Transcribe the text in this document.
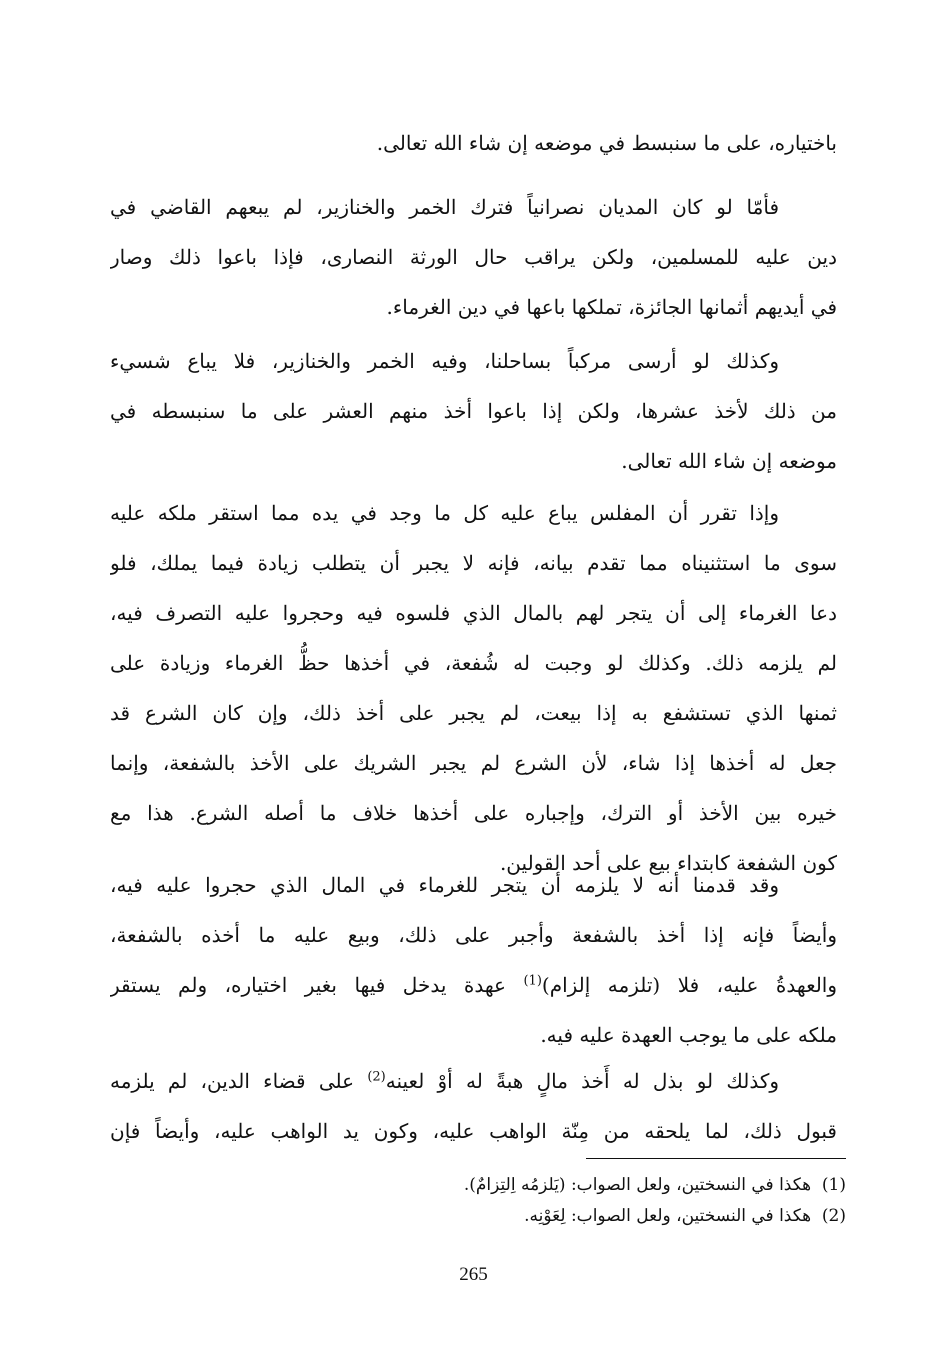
باختياره، على ما سنبسط في موضعه إن شاء الله تعالى.
فأمّا لو كان المديان نصرانياً فترك الخمر والخنازير، لم يبعهم القاضي في
دين عليه للمسلمين، ولكن يراقب حال الورثة النصارى، فإذا باعوا ذلك وصار
في أيديهم أثمانها الجائزة، تملكها باعها في دين الغرماء.
وكذلك لو أرسى مركباً بساحلنا، وفيه الخمر والخنازير، فلا يباع شسيء
من ذلك لأخذ عشرها، ولكن إذا باعوا أخذ منهم العشر على ما سنبسطه في
موضعه إن شاء الله تعالى.
وإذا تقرر أن المفلس يباع عليه كل ما وجد في يده مما استقر ملكه عليه
سوى ما استثنيناه مما تقدم بيانه، فإنه لا يجبر أن يتطلب زيادة فيما يملك، فلو
دعا الغرماء إلى أن يتجر لهم بالمال الذي فلسوه فيه وحجروا عليه التصرف فيه،
لم يلزمه ذلك. وكذلك لو وجبت له شُفعة، في أخذها حظُّ الغرماء وزيادة على
ثمنها الذي تستشفع به إذا بيعت، لم يجبر على أخذ ذلك، وإن كان الشرع قد
جعل له أخذها إذا شاء، لأن الشرع لم يجبر الشريك على الأخذ بالشفعة، وإنما
خيره بين الأخذ أو الترك، وإجباره على أخذها خلاف ما أصله الشرع. هذا مع
كون الشفعة كابتداء بيع على أحد القولين.
وقد قدمنا أنه لا يلزمه أن يتجر للغرماء في المال الذي حجروا عليه فيه،
وأيضاً فإنه إذا أخذ بالشفعة وأجبر على ذلك، وبيع عليه ما أخذه بالشفعة،
والعهدةُ عليه، فلا (تلزمه إلزام)$^{(1)}$ عهدة يدخل فيها بغير اختياره، ولم يستقر
ملكه على ما يوجب العهدة عليه فيه.
وكذلك لو بذل له أَخذ مالٍ هبةً له أوْ لعينه$^{(2)}$ على قضاء الدين، لم يلزمه
قبول ذلك، لما يلحقه من مِنّة الواهب عليه، وكون يد الواهب عليه، وأيضاً فإن
(1)  هكذا في النسختين، ولعل الصواب: (يَلزمُه اِلتِزامٌ).
(2)  هكذا في النسختين، ولعل الصواب: لِعَوْنِه.
265
